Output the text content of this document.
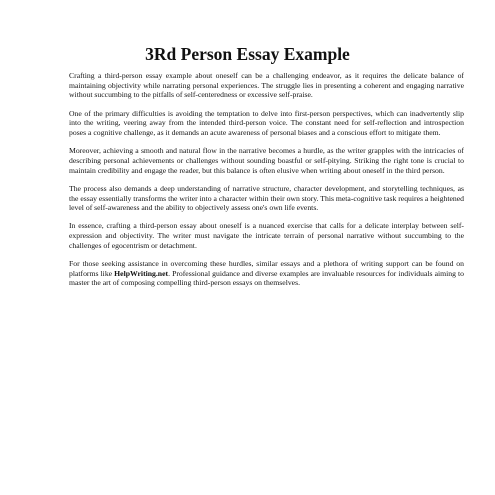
3Rd Person Essay Example

Crafting a third-person essay example about oneself can be a challenging endeavor, as it requires the delicate balance of maintaining objectivity while narrating personal experiences. The struggle lies in presenting a coherent and engaging narrative without succumbing to the pitfalls of self-centeredness or excessive self-praise.

One of the primary difficulties is avoiding the temptation to delve into first-person perspectives, which can inadvertently slip into the writing, veering away from the intended third-person voice. The constant need for self-reflection and introspection poses a cognitive challenge, as it demands an acute awareness of personal biases and a conscious effort to mitigate them.

Moreover, achieving a smooth and natural flow in the narrative becomes a hurdle, as the writer grapples with the intricacies of describing personal achievements or challenges without sounding boastful or self-pitying. Striking the right tone is crucial to maintain credibility and engage the reader, but this balance is often elusive when writing about oneself in the third person.

The process also demands a deep understanding of narrative structure, character development, and storytelling techniques, as the essay essentially transforms the writer into a character within their own story. This meta-cognitive task requires a heightened level of self-awareness and the ability to objectively assess one's own life events.

In essence, crafting a third-person essay about oneself is a nuanced exercise that calls for a delicate interplay between self-expression and objectivity. The writer must navigate the intricate terrain of personal narrative without succumbing to the challenges of egocentrism or detachment.

For those seeking assistance in overcoming these hurdles, similar essays and a plethora of writing support can be found on platforms like HelpWriting.net. Professional guidance and diverse examples are invaluable resources for individuals aiming to master the art of composing compelling third-person essays on themselves.
